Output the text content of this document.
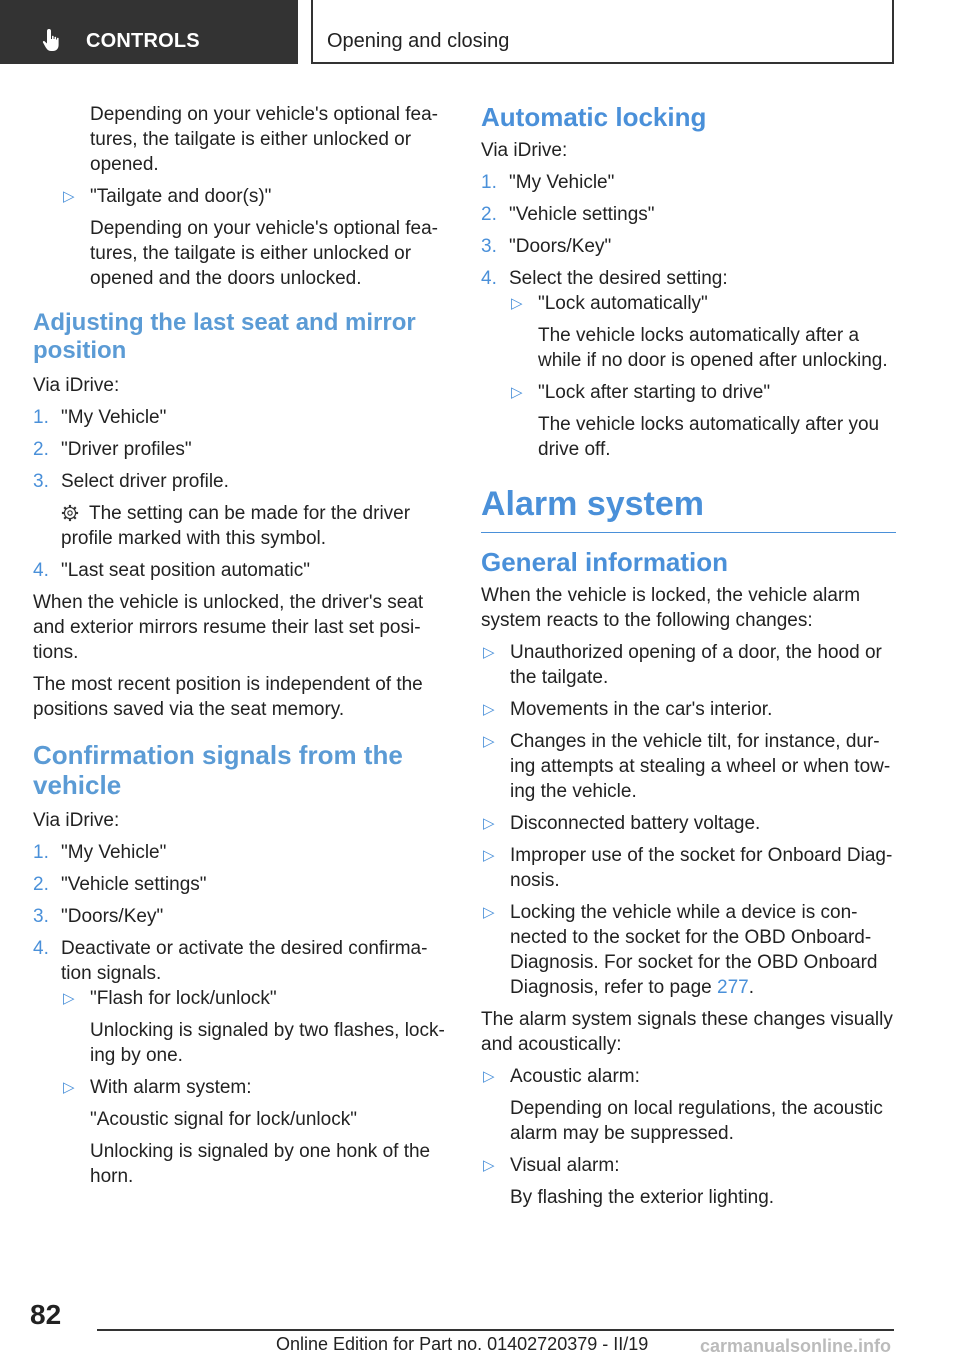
CONTROLS	Opening and closing

Depending on your vehicle's optional fea-tures, the tailgate is either unlocked or opened.

▷ "Tailgate and door(s)"
Depending on your vehicle's optional fea-tures, the tailgate is either unlocked or opened and the doors unlocked.
Adjusting the last seat and mirror position

Via iDrive:

1. "My Vehicle"
2. "Driver profiles"
3. Select driver profile.
The setting can be made for the driver profile marked with this symbol.
4. "Last seat position automatic"

When the vehicle is unlocked, the driver's seat and exterior mirrors resume their last set posi-tions.

The most recent position is independent of the positions saved via the seat memory.

Confirmation signals from the vehicle

Via iDrive:

1. "My Vehicle"
2. "Vehicle settings"
3. "Doors/Key"
4. Deactivate or activate the desired confirma-tion signals.
▷ "Flash for lock/unlock"
Unlocking is signaled by two flashes, lock-ing by one.
▷ With alarm system:
"Acoustic signal for lock/unlock"
Unlocking is signaled by one honk of the horn.
Automatic locking

Via iDrive:

1. "My Vehicle"
2. "Vehicle settings"
3. "Doors/Key"
4. Select the desired setting:
▷ "Lock automatically"
The vehicle locks automatically after a while if no door is opened after unlocking.
▷ "Lock after starting to drive"
The vehicle locks automatically after you drive off.
Alarm system
General information

When the vehicle is locked, the vehicle alarm system reacts to the following changes:

▷ Unauthorized opening of a door, the hood or the tailgate.
▷ Movements in the car's interior.
▷ Changes in the vehicle tilt, for instance, dur-ing attempts at stealing a wheel or when tow-ing the vehicle.
▷ Disconnected battery voltage.
▷ Improper use of the socket for Onboard Diag-nosis.
▷ Locking the vehicle while a device is con-nected to the socket for the OBD Onboard-Diagnosis. For socket for the OBD Onboard Diagnosis, refer to page 277.

The alarm system signals these changes visually and acoustically:

▷ Acoustic alarm:
Depending on local regulations, the acoustic alarm may be suppressed.
▷ Visual alarm:
By flashing the exterior lighting.
82
Online Edition for Part no. 01402720379 - II/19	carmanualsonline.info
